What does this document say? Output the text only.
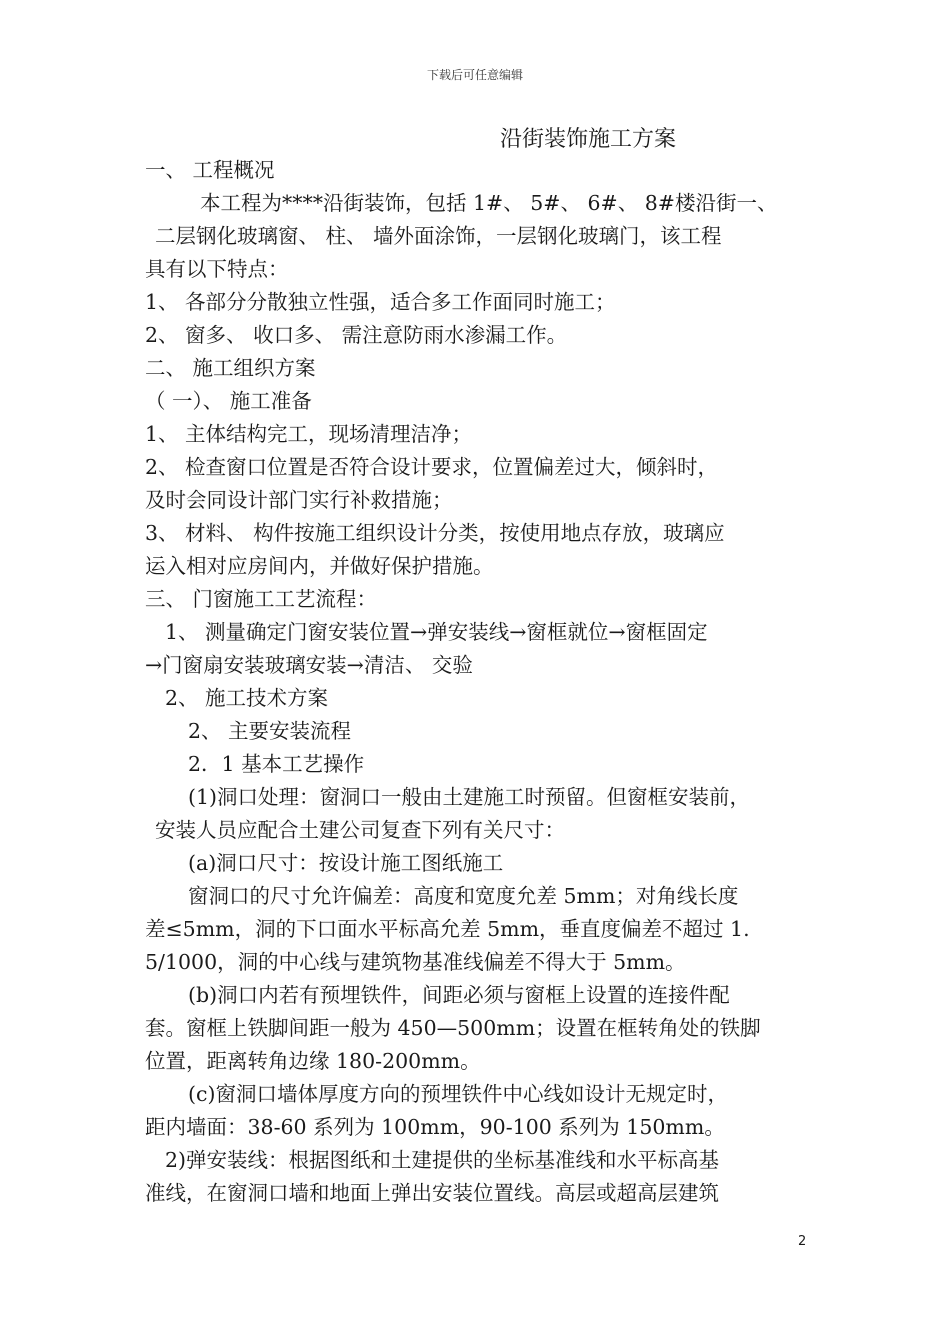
下载后可任意编辑
沿街装饰施工方案
一、 工程概况
本工程为****沿街装饰，包括 1#、 5#、 6#、 8#楼沿街一、
二层钢化玻璃窗、 柱、 墙外面涂饰，一层钢化玻璃门，该工程
具有以下特点：
1、 各部分分散独立性强，适合多工作面同时施工；
2、 窗多、 收口多、 需注意防雨水渗漏工作。
二、 施工组织方案
（ 一）、 施工准备
1、 主体结构完工，现场清理洁净；
2、 检查窗口位置是否符合设计要求，位置偏差过大，倾斜时，
及时会同设计部门实行补救措施；
3、 材料、 构件按施工组织设计分类，按使用地点存放，玻璃应
运入相对应房间内，并做好保护措施。
三、 门窗施工工艺流程：
1、 测量确定门窗安装位置→弹安装线→窗框就位→窗框固定
→门窗扇安装玻璃安装→清洁、 交验
2、 施工技术方案
2、 主要安装流程
2．1 基本工艺操作
(1)洞口处理：窗洞口一般由土建施工时预留。但窗框安装前，
安装人员应配合土建公司复查下列有关尺寸：
(a)洞口尺寸：按设计施工图纸施工
窗洞口的尺寸允许偏差：高度和宽度允差 5mm；对角线长度
差≤5mm，洞的下口面水平标高允差 5mm，垂直度偏差不超过 1.
5/1000，洞的中心线与建筑物基准线偏差不得大于 5mm。
(b)洞口内若有预埋铁件，间距必须与窗框上设置的连接件配
套。窗框上铁脚间距一般为 450—500mm；设置在框转角处的铁脚
位置，距离转角边缘 180-200mm。
(c)窗洞口墙体厚度方向的预埋铁件中心线如设计无规定时，
距内墙面：38-60 系列为 100mm，90-100 系列为 150mm。
2)弹安装线：根据图纸和土建提供的坐标基准线和水平标高基
准线，在窗洞口墙和地面上弹出安装位置线。高层或超高层建筑
2
